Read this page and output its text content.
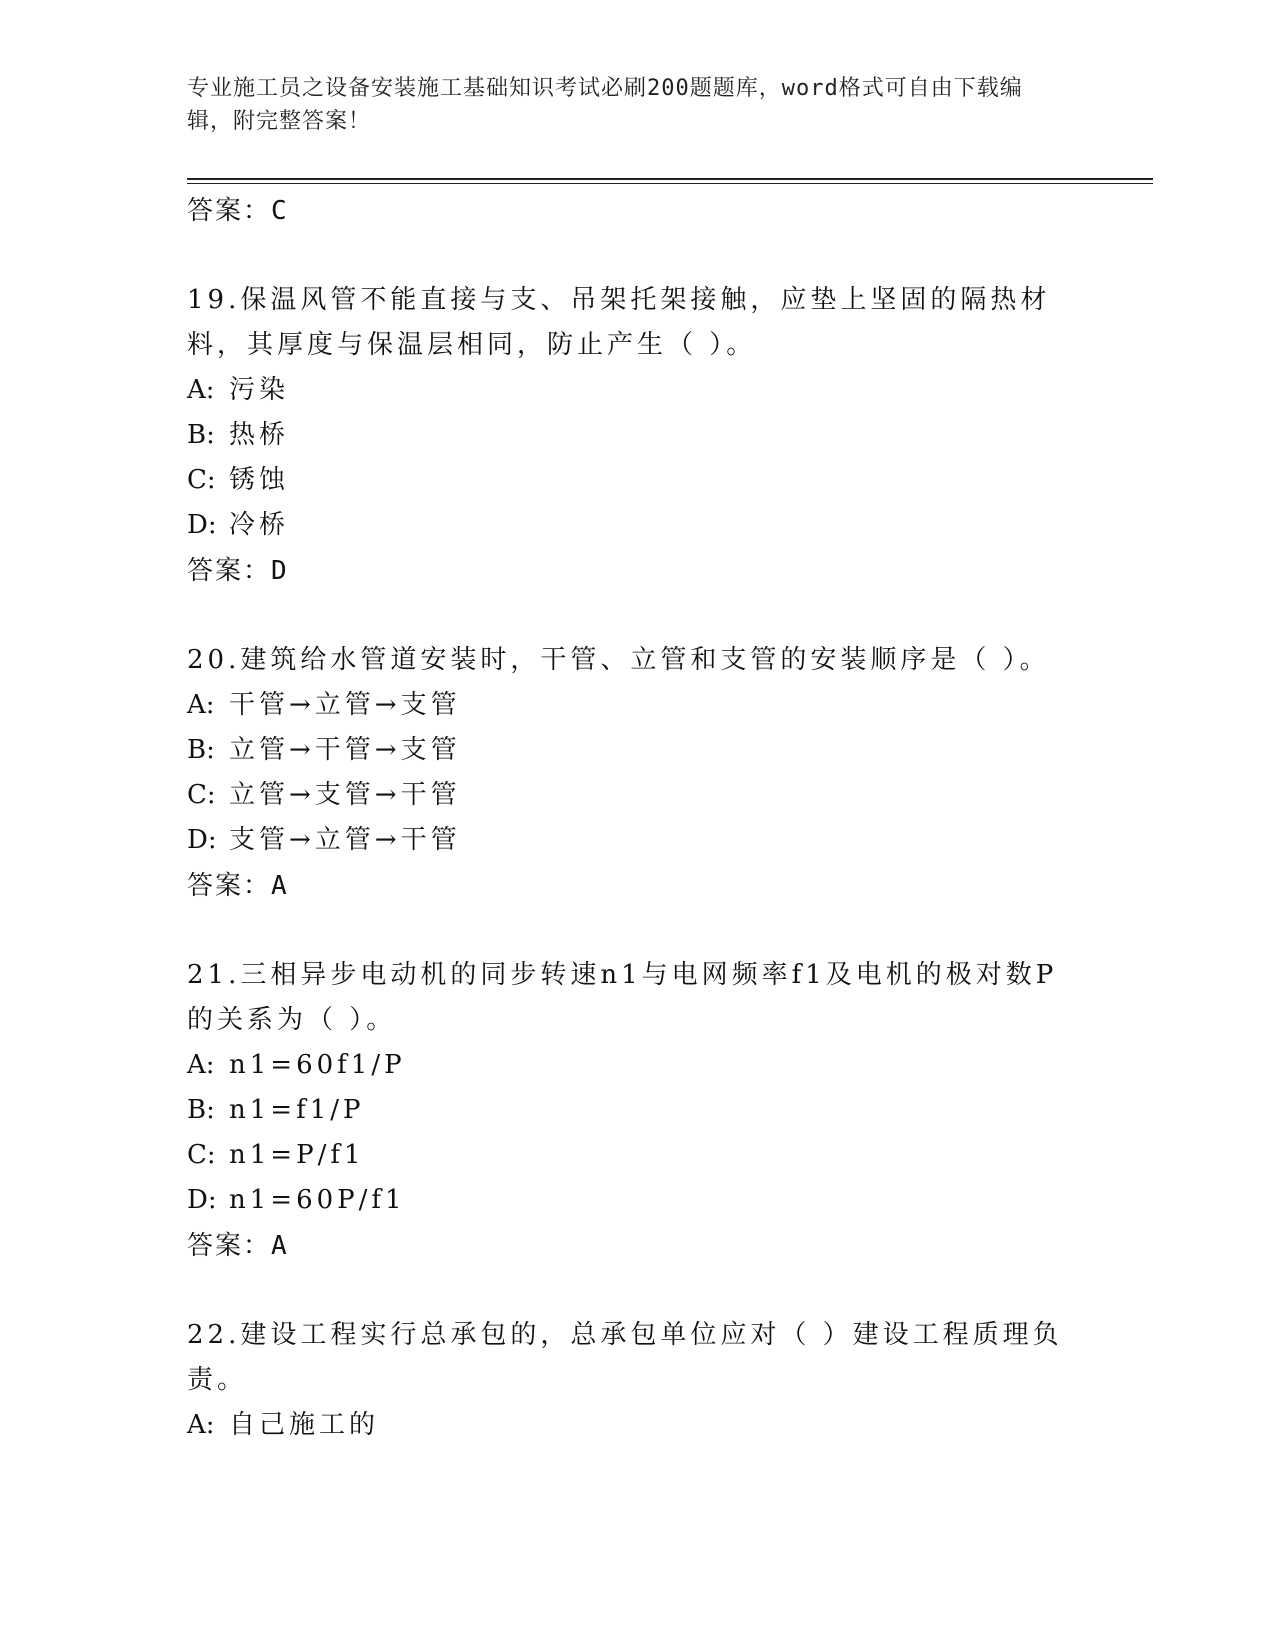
专业施工员之设备安装施工基础知识考试必刷200题题库，word格式可自由下载编辑，附完整答案！
答案：C
19.保温风管不能直接与支、吊架托架接触，应垫上坚固的隔热材料，其厚度与保温层相同，防止产生（ ）。
A: 污染
B: 热桥
C: 锈蚀
D: 冷桥
答案：D
20.建筑给水管道安装时，干管、立管和支管的安装顺序是（ ）。
A: 干管→立管→支管
B: 立管→干管→支管
C: 立管→支管→干管
D: 支管→立管→干管
答案：A
21.三相异步电动机的同步转速n1与电网频率f1及电机的极对数P的关系为（ ）。
A: n1=60f1/P
B: n1=f1/P
C: n1=P/f1
D: n1=60P/f1
答案：A
22.建设工程实行总承包的，总承包单位应对（ ）建设工程质理负责。
A: 自己施工的
